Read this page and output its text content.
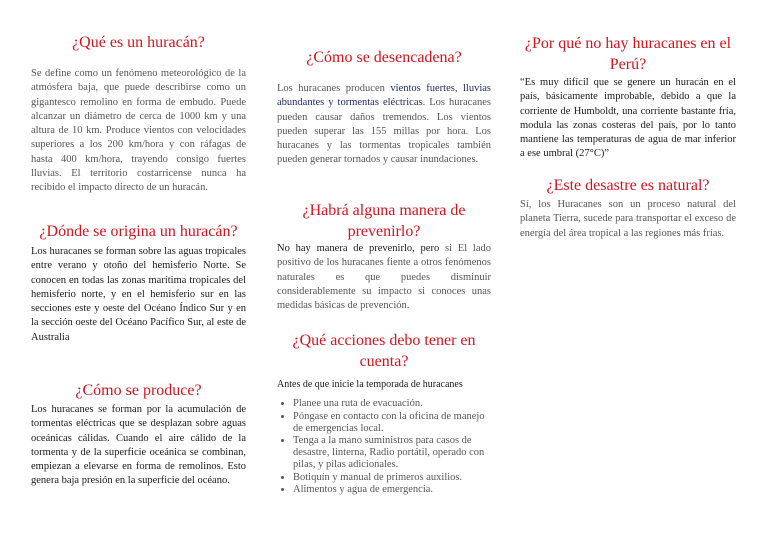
¿Qué es un huracán?

Se define como un fenómeno meteorológico de la atmósfera baja, que puede describirse como un gigantesco remolino en forma de embudo. Puede alcanzar un diámetro de cerca de 1000 km y una altura de 10 km. Produce vientos con velocidades superiores a los 200 km/hora y con ráfagas de hasta 400 km/hora, trayendo consigo fuertes lluvias. El territorio costarricense nunca ha recibido el impacto directo de un huracán.

¿Dónde se origina un huracán?

Los huracanes se forman sobre las aguas tropicales entre verano y otoño del hemisferio Norte. Se conocen en todas las zonas marítima tropicales del hemisferio norte, y en el hemisferio sur en las secciones este y oeste del Océano Índico Sur y en la sección oeste del Océano Pacífico Sur, al este de Australia

¿Cómo se produce?

Los huracanes se forman por la acumulación de tormentas eléctricas que se desplazan sobre aguas oceánicas cálidas. Cuando el aire cálido de la tormenta y de la superficie oceánica se combinan, empiezan a elevarse en forma de remolinos. Esto genera baja presión en la superficie del océano.

¿Cómo se desencadena?

Los huracanes producen vientos fuertes, lluvias abundantes y tormentas eléctricas. Los huracanes pueden causar daños tremendos. Los vientos pueden superar las 155 millas por hora. Los huracanes y las tormentas tropicales también pueden generar tornados y causar inundaciones.

¿Habrá alguna manera de prevenirlo?

No hay manera de prevenirlo, pero si El lado positivo de los huracanes fiente a otros fenómenos naturales es que puedes disminuir considerablemente su impacto si conoces unas medidas básicas de prevención.

¿Qué acciones debo tener en cuenta?

Antes de que inicie la temporada de huracanes

• Planee una ruta de evacuación.
• Póngase en contacto con la oficina de manejo de emergencias local.
• Tenga a la mano suministros para casos de desastre, linterna, Radio portátil, operado con pilas, y pilas adicionales.
• Botiquín y manual de primeros auxilios.
• Alimentos y agua de emergencia.
¿Por qué no hay huracanes en el Perú?

“Es muy difícil que se genere un huracán en el país, básicamente improbable, debido a que la corriente de Humboldt, una corriente bastante fría, modula las zonas costeras del país, por lo tanto mantiene las temperaturas de agua de mar inferior a ese umbral (27°C)”

¿Este desastre es natural?

Sí, los Huracanes son un proceso natural del planeta Tierra, sucede para transportar el exceso de energía del área tropical a las regiones más frías.
